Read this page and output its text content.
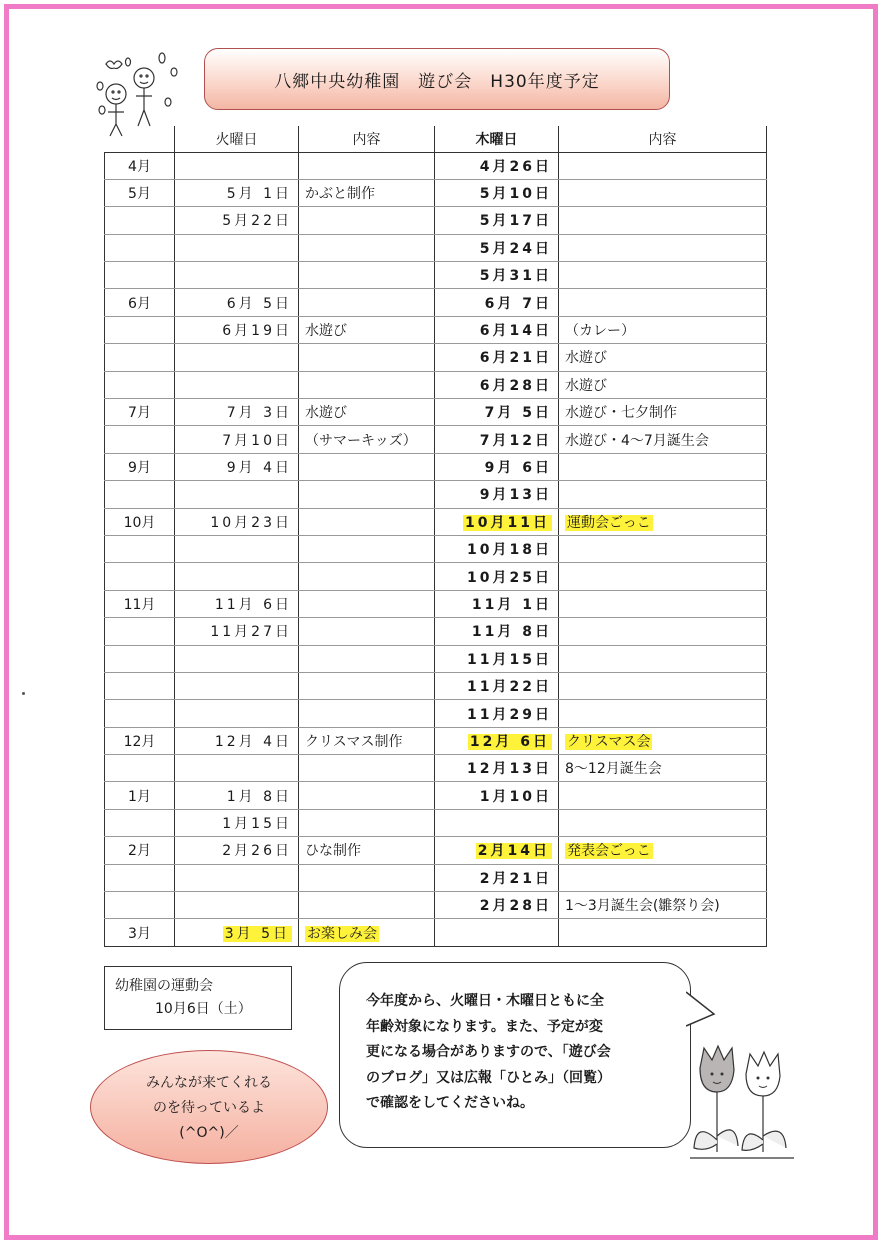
八郷中央幼稚園　遊び会　H30年度予定
	火曜日	内容	木曜日	内容
4月			4月26日	
5月	5月 1日	かぶと制作	5月10日	
	5月22日		5月17日	
			5月24日	
			5月31日	
6月	6月 5日		6月 7日	
	6月19日	水遊び	6月14日	（カレー）
			6月21日	水遊び
			6月28日	水遊び
7月	7月 3日	水遊び	7月 5日	水遊び・七夕制作
	7月10日	（サマーキッズ）	7月12日	水遊び・4～7月誕生会
9月	9月 4日		9月 6日	
			9月13日	
10月	10月23日		10月11日	運動会ごっこ
			10月18日	
			10月25日	
11月	11月 6日		11月 1日	
	11月27日		11月 8日	
			11月15日	
			11月22日	
			11月29日	
12月	12月 4日	クリスマス制作	12月 6日	クリスマス会
			12月13日	8～12月誕生会
1月	1月 8日		1月10日	
	1月15日			
2月	2月26日	ひな制作	2月14日	発表会ごっこ
			2月21日	
			2月28日	1～3月誕生会(雛祭り会)
3月	3月 5日	お楽しみ会		
幼稚園の運動会
10月6日（土）	今年度から、火曜日・木曜日ともに全
年齢対象になります。また、予定が変
更になる場合がありますので、｢遊び会
のブログ」又は広報「ひとみ」（回覧）
で確認をしてくださいね。
みんなが来てくれる
のを待っているよ
(^O^)／
